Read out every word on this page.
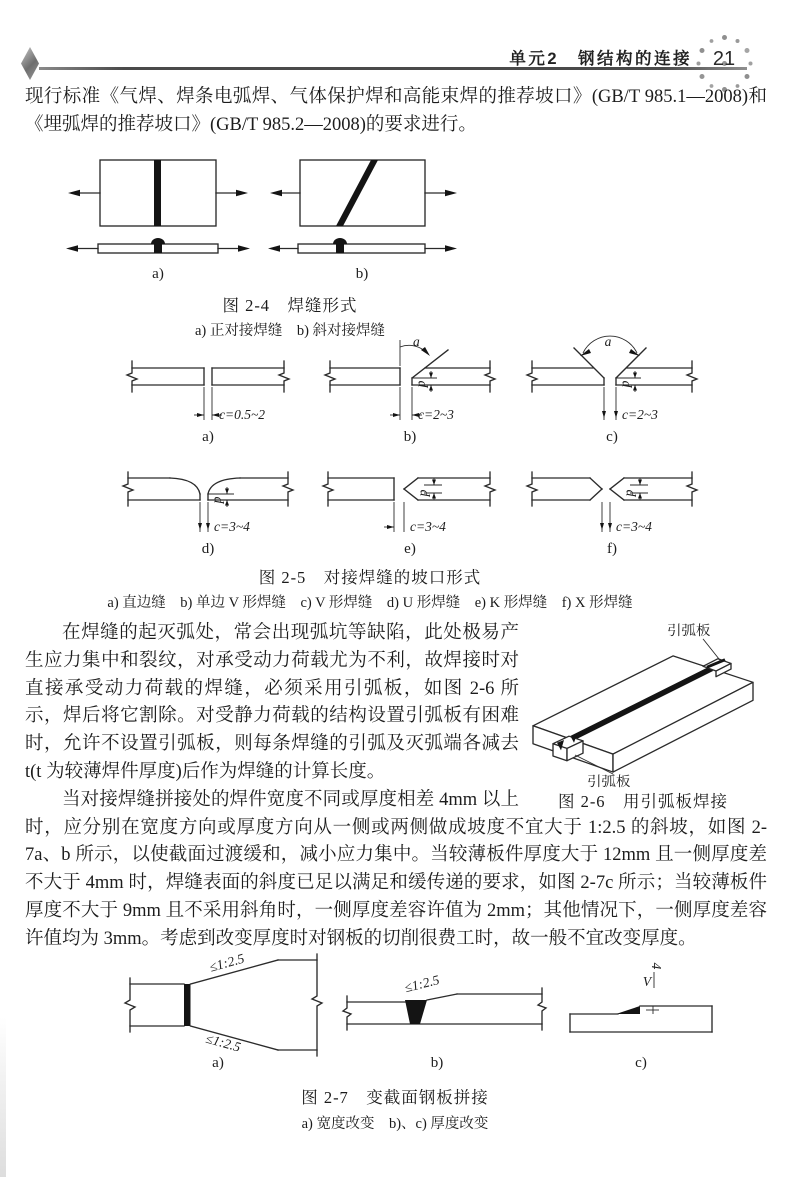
单元2　钢结构的连接	21

现行标准《气焊、焊条电弧焊、气体保护焊和高能束焊的推荐坡口》(GB/T 985.1—2008)和《埋弧焊的推荐坡口》(GB/T 985.2—2008)的要求进行。

a)	b)
图 2-4　焊缝形式
a) 正对接焊缝　b) 斜对接焊缝
c=0.5~2
a)
a
p
c=2~3
b)
a
p
c=2~3
c)
p
c=3~4
d)
p
c=3~4
e)
p
c=3~4
f)
图 2-5　对接焊缝的坡口形式
a) 直边缝　b) 单边 V 形焊缝　c) V 形焊缝　d) U 形焊缝　e) K 形焊缝　f) X 形焊缝
引弧板
引弧板
图 2-6　用引弧板焊接

在焊缝的起灭弧处，常会出现弧坑等缺陷，此处极易产生应力集中和裂纹，对承受动力荷载尤为不利，故焊接时对直接承受动力荷载的焊缝，必须采用引弧板，如图 2-6 所示，焊后将它割除。对受静力荷载的结构设置引弧板有困难时，允许不设置引弧板，则每条焊缝的引弧及灭弧端各减去 t(t 为较薄焊件厚度)后作为焊缝的计算长度。

当对接焊缝拼接处的焊件宽度不同或厚度相差 4mm 以上时，应分别在宽度方向或厚度方向从一侧或两侧做成坡度不宜大于 1:2.5 的斜坡，如图 2-7a、b 所示，以使截面过渡缓和，减小应力集中。当较薄板件厚度大于 12mm 且一侧厚度差不大于 4mm 时，焊缝表面的斜度已足以满足和缓传递的要求，如图 2-7c 所示；当较薄板件厚度不大于 9mm 且不采用斜角时，一侧厚度差容许值为 2mm；其他情况下，一侧厚度差容许值均为 3mm。考虑到改变厚度时对钢板的切削很费工时，故一般不宜改变厚度。

≤1:2.5
≤1:2.5
a)
≤1:2.5
b)
4
V
c)
图 2-7　变截面钢板拼接
a) 宽度改变　b)、c) 厚度改变
